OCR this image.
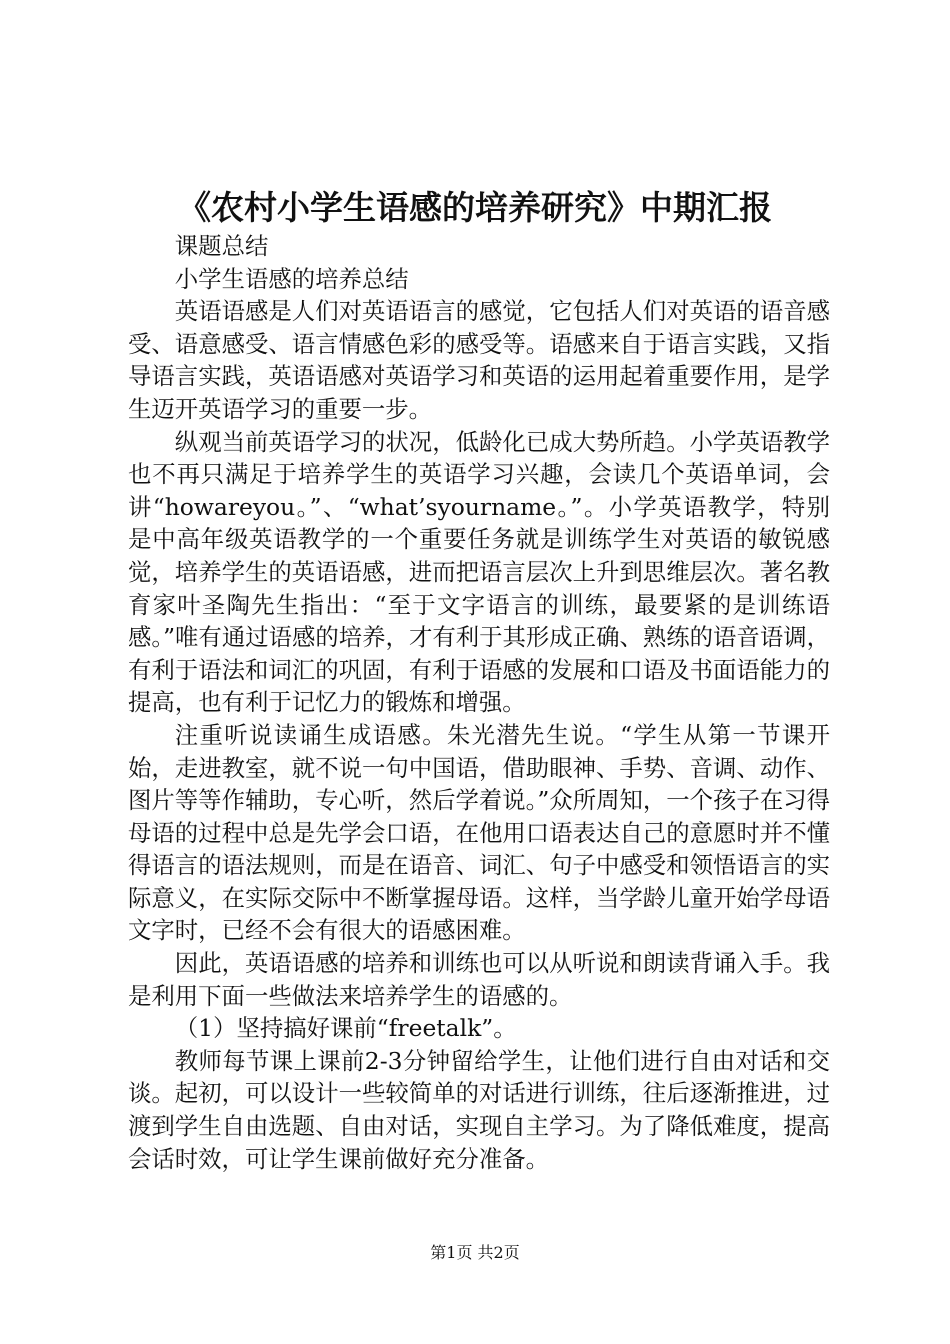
《农村小学生语感的培养研究》中期汇报

课题总结

小学生语感的培养总结

英语语感是人们对英语语言的感觉，它包括人们对英语的语音感受、语意感受、语言情感色彩的感受等。语感来自于语言实践，又指导语言实践，英语语感对英语学习和英语的运用起着重要作用，是学生迈开英语学习的重要一步。

纵观当前英语学习的状况，低龄化已成大势所趋。小学英语教学也不再只满足于培养学生的英语学习兴趣，会读几个英语单词，会讲“howareyou。”、“what’syourname。”。小学英语教学，特别是中高年级英语教学的一个重要任务就是训练学生对英语的敏锐感觉，培养学生的英语语感，进而把语言层次上升到思维层次。著名教育家叶圣陶先生指出：“至于文字语言的训练，最要紧的是训练语感。”唯有通过语感的培养，才有利于其形成正确、熟练的语音语调，有利于语法和词汇的巩固，有利于语感的发展和口语及书面语能力的提高，也有利于记忆力的锻炼和增强。

注重听说读诵生成语感。朱光潜先生说。“学生从第一节课开始，走进教室，就不说一句中国语，借助眼神、手势、音调、动作、图片等等作辅助，专心听，然后学着说。”众所周知，一个孩子在习得母语的过程中总是先学会口语，在他用口语表达自己的意愿时并不懂得语言的语法规则，而是在语音、词汇、句子中感受和领悟语言的实际意义，在实际交际中不断掌握母语。这样，当学龄儿童开始学母语文字时，已经不会有很大的语感困难。

因此，英语语感的培养和训练也可以从听说和朗读背诵入手。我是利用下面一些做法来培养学生的语感的。

（1）坚持搞好课前“freetalk”。

教师每节课上课前2-3分钟留给学生，让他们进行自由对话和交谈。起初，可以设计一些较简单的对话进行训练，往后逐渐推进，过渡到学生自由选题、自由对话，实现自主学习。为了降低难度，提高会话时效，可让学生课前做好充分准备。

第1页 共2页
